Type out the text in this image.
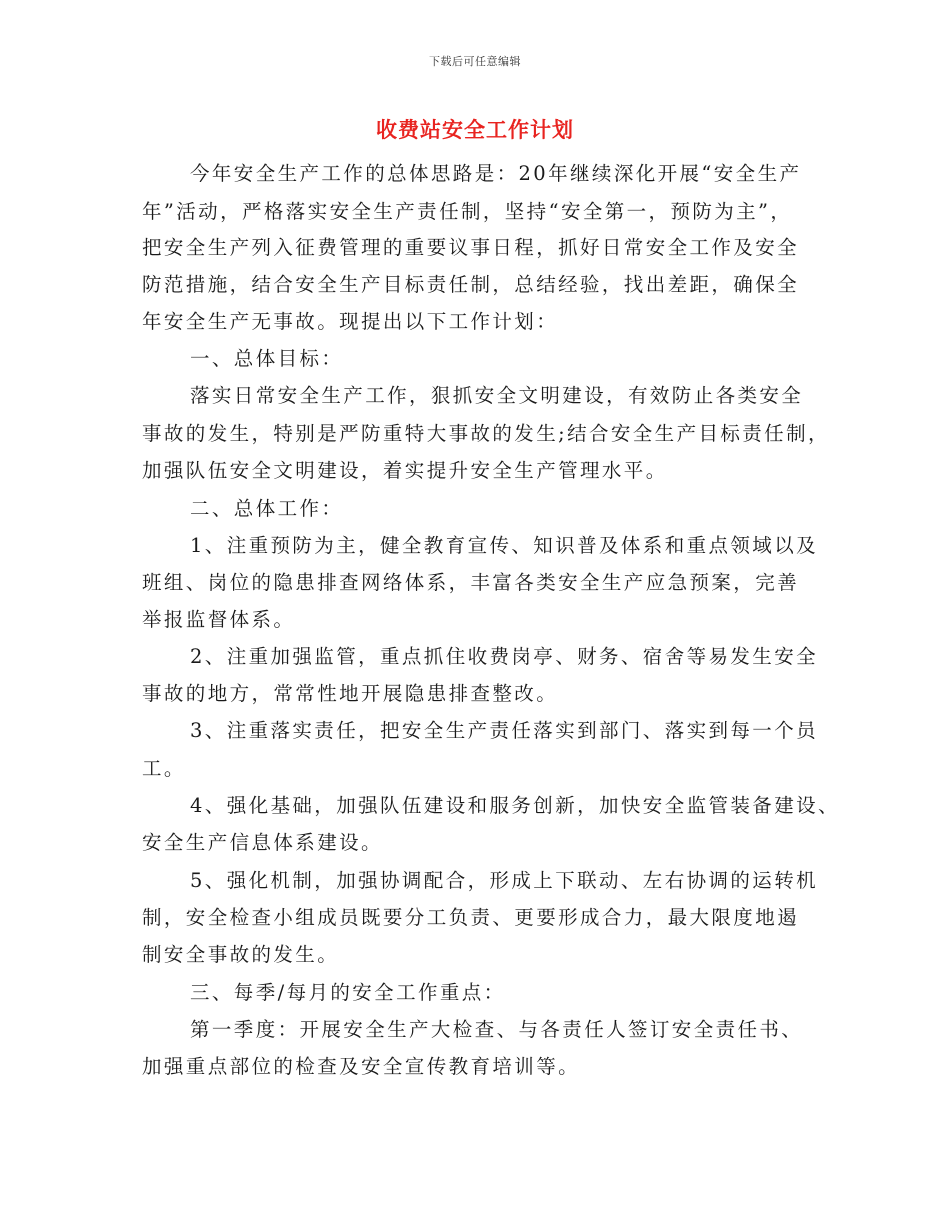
下载后可任意编辑
收费站安全工作计划
今年安全生产工作的总体思路是：20年继续深化开展“安全生产
年”活动，严格落实安全生产责任制，坚持“安全第一，预防为主”，
把安全生产列入征费管理的重要议事日程，抓好日常安全工作及安全
防范措施，结合安全生产目标责任制，总结经验，找出差距，确保全
年安全生产无事故。现提出以下工作计划：
一、总体目标：
落实日常安全生产工作，狠抓安全文明建设，有效防止各类安全
事故的发生，特别是严防重特大事故的发生;结合安全生产目标责任制，
加强队伍安全文明建设，着实提升安全生产管理水平。
二、总体工作：
1、注重预防为主，健全教育宣传、知识普及体系和重点领域以及
班组、岗位的隐患排查网络体系，丰富各类安全生产应急预案，完善
举报监督体系。
2、注重加强监管，重点抓住收费岗亭、财务、宿舍等易发生安全
事故的地方，常常性地开展隐患排查整改。
3、注重落实责任，把安全生产责任落实到部门、落实到每一个员
工。
4、强化基础，加强队伍建设和服务创新，加快安全监管装备建设、
安全生产信息体系建设。
5、强化机制，加强协调配合，形成上下联动、左右协调的运转机
制，安全检查小组成员既要分工负责、更要形成合力，最大限度地遏
制安全事故的发生。
三、每季/每月的安全工作重点：
第一季度：开展安全生产大检查、与各责任人签订安全责任书、
加强重点部位的检查及安全宣传教育培训等。
